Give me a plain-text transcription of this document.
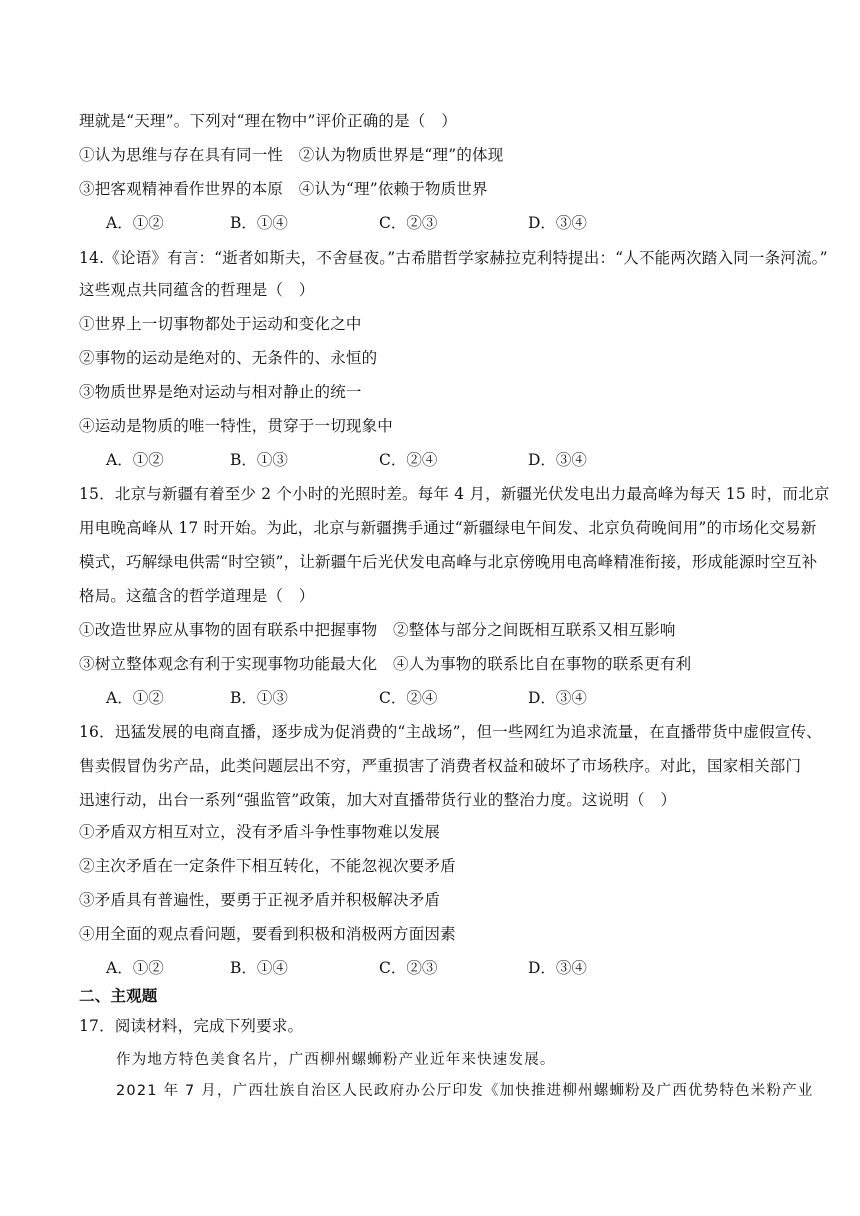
理就是“天理”。下列对“理在物中”评价正确的是（　）
①认为思维与存在具有同一性　②认为物质世界是“理”的体现
③把客观精神看作世界的本原　④认为“理”依赖于物质世界
A．①②	B．①④	C．②③	D．③④
14.《论语》有言：“逝者如斯夫，不舍昼夜。”古希腊哲学家赫拉克利特提出：“人不能两次踏入同一条河流。”
这些观点共同蕴含的哲理是（　）
①世界上一切事物都处于运动和变化之中
②事物的运动是绝对的、无条件的、永恒的
③物质世界是绝对运动与相对静止的统一
④运动是物质的唯一特性，贯穿于一切现象中
A．①②	B．①③	C．②④	D．③④
15．北京与新疆有着至少 2 个小时的光照时差。每年 4 月，新疆光伏发电出力最高峰为每天 15 时，而北京
用电晚高峰从 17 时开始。为此，北京与新疆携手通过“新疆绿电午间发、北京负荷晚间用”的市场化交易新
模式，巧解绿电供需“时空锁”，让新疆午后光伏发电高峰与北京傍晚用电高峰精准衔接，形成能源时空互补
格局。这蕴含的哲学道理是（　）
①改造世界应从事物的固有联系中把握事物　②整体与部分之间既相互联系又相互影响
③树立整体观念有利于实现事物功能最大化　④人为事物的联系比自在事物的联系更有利
A．①②	B．①③	C．②④	D．③④
16．迅猛发展的电商直播，逐步成为促消费的“主战场”，但一些网红为追求流量，在直播带货中虚假宣传、
售卖假冒伪劣产品，此类问题层出不穷，严重损害了消费者权益和破坏了市场秩序。对此，国家相关部门
迅速行动，出台一系列“强监管”政策，加大对直播带货行业的整治力度。这说明（　）
①矛盾双方相互对立，没有矛盾斗争性事物难以发展
②主次矛盾在一定条件下相互转化，不能忽视次要矛盾
③矛盾具有普遍性，要勇于正视矛盾并积极解决矛盾
④用全面的观点看问题，要看到积极和消极两方面因素
A．①②	B．①④	C．②③	D．③④
二、主观题
17．阅读材料，完成下列要求。
作为地方特色美食名片，广西柳州螺蛳粉产业近年来快速发展。
2021 年 7 月，广西壮族自治区人民政府办公厅印发《加快推进柳州螺蛳粉及广西优势特色米粉产业
